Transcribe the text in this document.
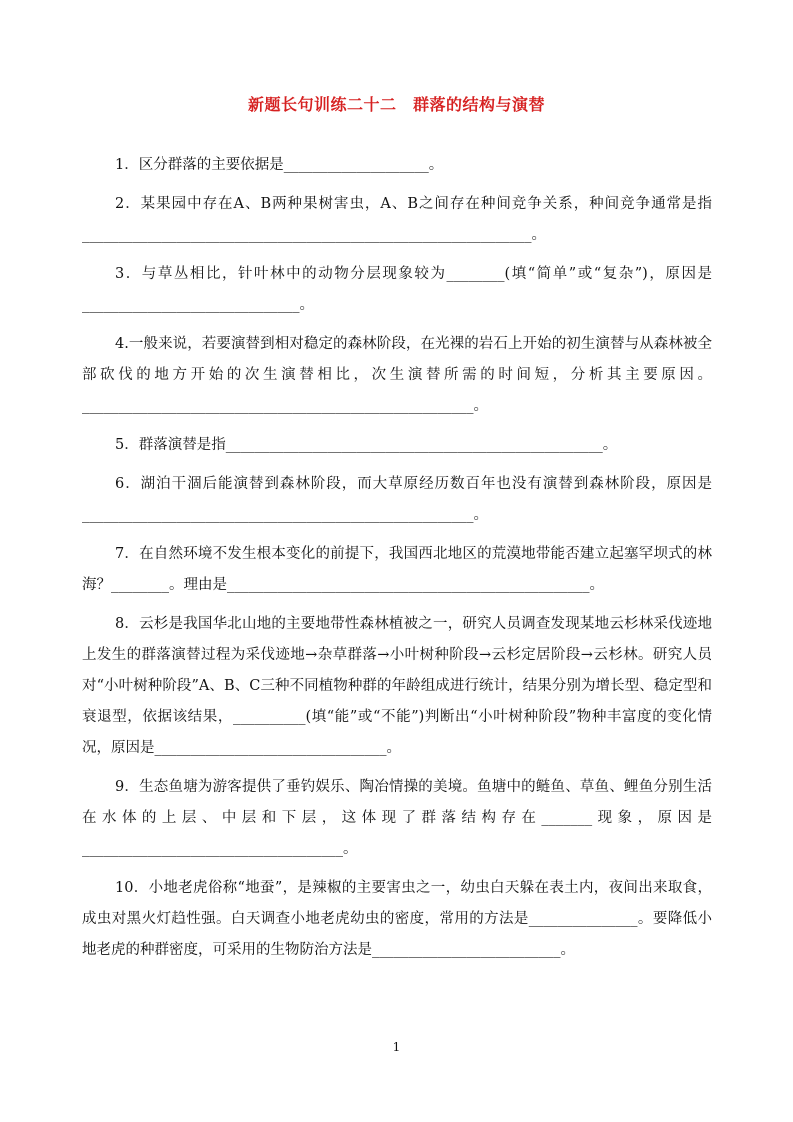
新题长句训练二十二　群落的结构与演替

1．区分群落的主要依据是____________________。

2．某果园中存在A、B两种果树害虫，A、B之间存在种间竞争关系，种间竞争通常是指______________________________________________________________。

3．与草丛相比，针叶林中的动物分层现象较为________(填“简单”或“复杂”)，原因是______________________________。

4.一般来说，若要演替到相对稳定的森林阶段，在光裸的岩石上开始的初生演替与从森林被全部砍伐的地方开始的次生演替相比，次生演替所需的时间短，分析其主要原因。______________________________________________________。

5．群落演替是指____________________________________________________。

6．湖泊干涸后能演替到森林阶段，而大草原经历数百年也没有演替到森林阶段，原因是______________________________________________________。

7．在自然环境不发生根本变化的前提下，我国西北地区的荒漠地带能否建立起塞罕坝式的林海？________。理由是__________________________________________________。

8．云杉是我国华北山地的主要地带性森林植被之一，研究人员调查发现某地云杉林采伐迹地上发生的群落演替过程为采伐迹地→杂草群落→小叶树种阶段→云杉定居阶段→云杉林。研究人员对“小叶树种阶段”A、B、C三种不同植物种群的年龄组成进行统计，结果分别为增长型、稳定型和衰退型，依据该结果，__________(填“能”或“不能”)判断出“小叶树种阶段”物种丰富度的变化情况，原因是________________________________。

9．生态鱼塘为游客提供了垂钓娱乐、陶冶情操的美境。鱼塘中的鲢鱼、草鱼、鲤鱼分别生活在水体的上层、中层和下层，这体现了群落结构存在_______现象，原因是____________________________________。

10．小地老虎俗称“地蚕”，是辣椒的主要害虫之一，幼虫白天躲在表土内，夜间出来取食，成虫对黑火灯趋性强。白天调查小地老虎幼虫的密度，常用的方法是_______________。要降低小地老虎的种群密度，可采用的生物防治方法是__________________________。

1
